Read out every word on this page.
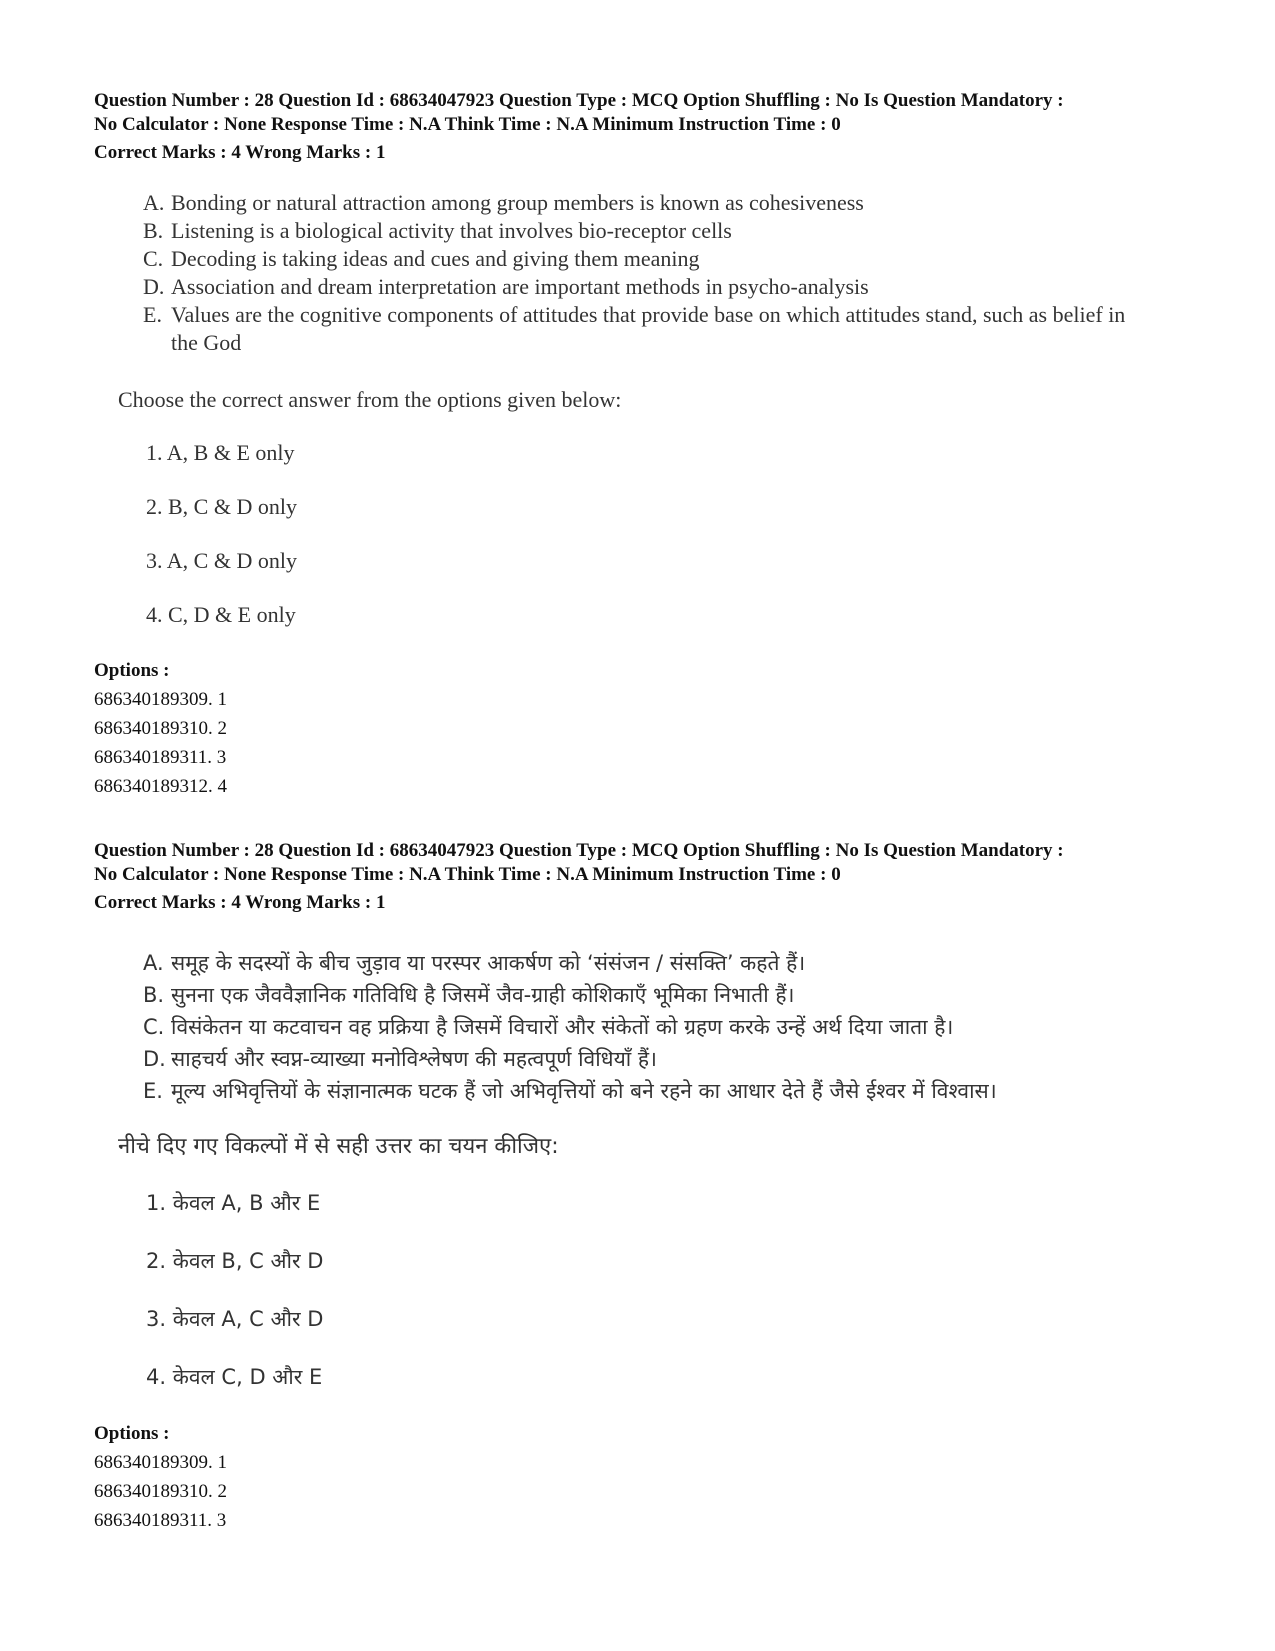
Question Number : 28 Question Id : 68634047923 Question Type : MCQ Option Shuffling : No Is Question Mandatory :
No Calculator : None Response Time : N.A Think Time : N.A Minimum Instruction Time : 0
Correct Marks : 4 Wrong Marks : 1
A. Bonding or natural attraction among group members is known as cohesiveness
B. Listening is a biological activity that involves bio-receptor cells
C. Decoding is taking ideas and cues and giving them meaning
D. Association and dream interpretation are important methods in psycho-analysis
E. Values are the cognitive components of attitudes that provide base on which attitudes stand, such as belief in the God
Choose the correct answer from the options given below:
1. A, B & E only
2. B, C & D only
3. A, C & D only
4. C, D & E only
Options :
686340189309. 1
686340189310. 2
686340189311. 3
686340189312. 4
Question Number : 28 Question Id : 68634047923 Question Type : MCQ Option Shuffling : No Is Question Mandatory :
No Calculator : None Response Time : N.A Think Time : N.A Minimum Instruction Time : 0
Correct Marks : 4 Wrong Marks : 1
A. समूह के सदस्यों के बीच जुड़ाव या परस्पर आकर्षण को ‘संसंजन / संसक्ति’ कहते हैं।
B. सुनना एक जैववैज्ञानिक गतिविधि है जिसमें जैव-ग्राही कोशिकाएँ भूमिका निभाती हैं।
C. विसंकेतन या कटवाचन वह प्रक्रिया है जिसमें विचारों और संकेतों को ग्रहण करके उन्हें अर्थ दिया जाता है।
D. साहचर्य और स्वप्न-व्याख्या मनोविश्लेषण की महत्वपूर्ण विधियाँ हैं।
E. मूल्य अभिवृत्तियों के संज्ञानात्मक घटक हैं जो अभिवृत्तियों को बने रहने का आधार देते हैं जैसे ईश्वर में विश्वास।
नीचे दिए गए विकल्पों में से सही उत्तर का चयन कीजिए:
1. केवल A, B और E
2. केवल B, C और D
3. केवल A, C और D
4. केवल C, D और E
Options :
686340189309. 1
686340189310. 2
686340189311. 3
